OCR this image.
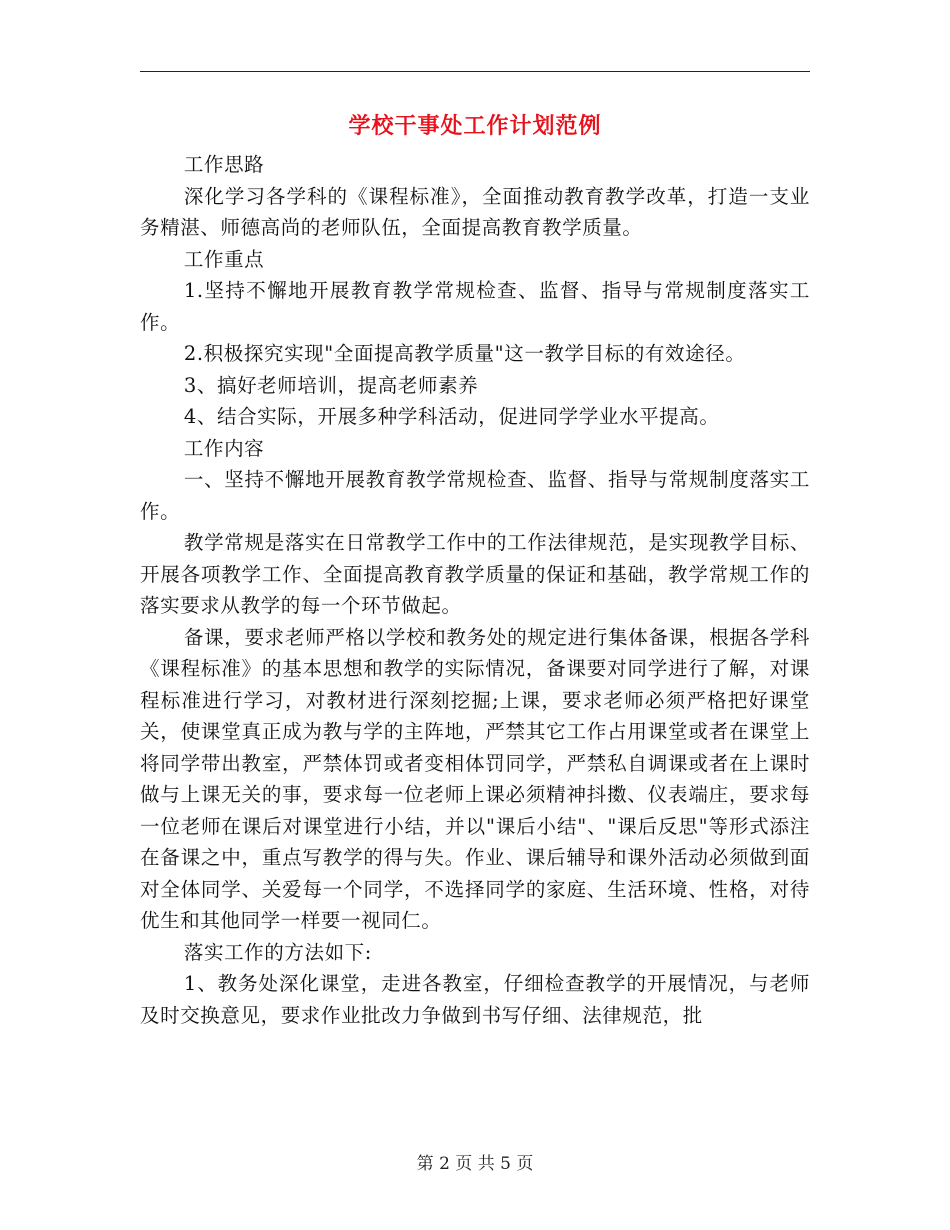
学校干事处工作计划范例

工作思路

深化学习各学科的《课程标准》，全面推动教育教学改革，打造一支业务精湛、师德高尚的老师队伍，全面提高教育教学质量。

工作重点

1.坚持不懈地开展教育教学常规检查、监督、指导与常规制度落实工作。

2.积极探究实现"全面提高教学质量"这一教学目标的有效途径。

3、搞好老师培训，提高老师素养

4、结合实际，开展多种学科活动，促进同学学业水平提高。

工作内容

一、坚持不懈地开展教育教学常规检查、监督、指导与常规制度落实工作。

教学常规是落实在日常教学工作中的工作法律规范，是实现教学目标、开展各项教学工作、全面提高教育教学质量的保证和基础，教学常规工作的落实要求从教学的每一个环节做起。

备课，要求老师严格以学校和教务处的规定进行集体备课，根据各学科《课程标准》的基本思想和教学的实际情况，备课要对同学进行了解，对课程标准进行学习，对教材进行深刻挖掘;上课，要求老师必须严格把好课堂关，使课堂真正成为教与学的主阵地，严禁其它工作占用课堂或者在课堂上将同学带出教室，严禁体罚或者变相体罚同学，严禁私自调课或者在上课时做与上课无关的事，要求每一位老师上课必须精神抖擞、仪表端庄，要求每一位老师在课后对课堂进行小结，并以"课后小结"、"课后反思"等形式添注在备课之中，重点写教学的得与失。作业、课后辅导和课外活动必须做到面对全体同学、关爱每一个同学，不选择同学的家庭、生活环境、性格，对待优生和其他同学一样要一视同仁。

落实工作的方法如下:

1、教务处深化课堂，走进各教室，仔细检查教学的开展情况，与老师及时交换意见，要求作业批改力争做到书写仔细、法律规范，批

第 2 页 共 5 页
